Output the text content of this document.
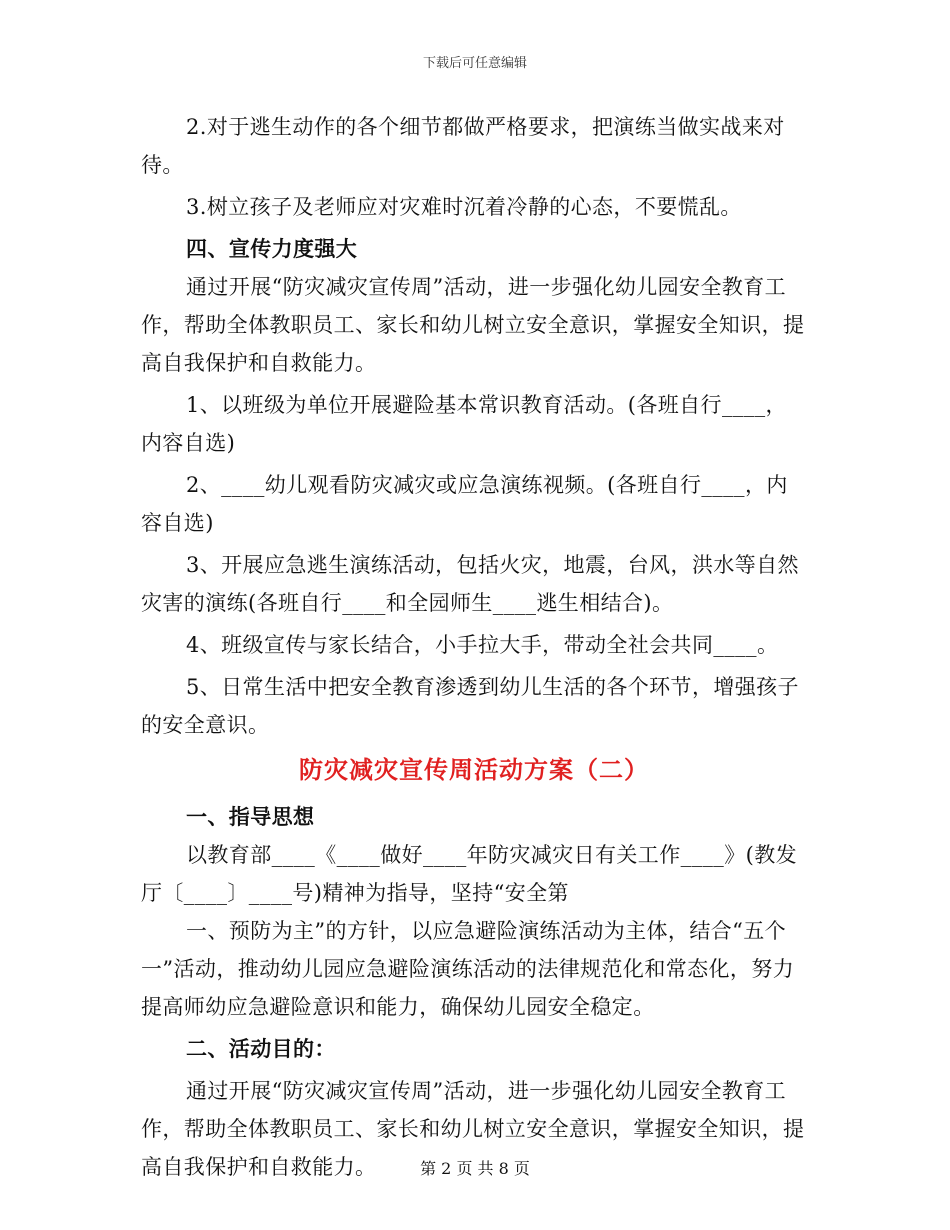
下载后可任意编辑

2.对于逃生动作的各个细节都做严格要求，把演练当做实战来对待。

3.树立孩子及老师应对灾难时沉着冷静的心态，不要慌乱。

四、宣传力度强大

通过开展“防灾减灾宣传周”活动，进一步强化幼儿园安全教育工作，帮助全体教职员工、家长和幼儿树立安全意识，掌握安全知识，提高自我保护和自救能力。

1、以班级为单位开展避险基本常识教育活动。(各班自行____，内容自选)

2、____幼儿观看防灾减灾或应急演练视频。(各班自行____，内容自选)

3、开展应急逃生演练活动，包括火灾，地震，台风，洪水等自然灾害的演练(各班自行____和全园师生____逃生相结合)。

4、班级宣传与家长结合，小手拉大手，带动全社会共同____。

5、日常生活中把安全教育渗透到幼儿生活的各个环节，增强孩子的安全意识。

防灾减灾宣传周活动方案（二）

一、指导思想

以教育部____《____做好____年防灾减灾日有关工作____》(教发厅〔____〕____号)精神为指导，坚持“安全第

一、预防为主”的方针，以应急避险演练活动为主体，结合“五个一”活动，推动幼儿园应急避险演练活动的法律规范化和常态化，努力提高师幼应急避险意识和能力，确保幼儿园安全稳定。

二、活动目的：

通过开展“防灾减灾宣传周”活动，进一步强化幼儿园安全教育工作，帮助全体教职员工、家长和幼儿树立安全意识，掌握安全知识，提高自我保护和自救能力。	第 2 页 共 8 页
